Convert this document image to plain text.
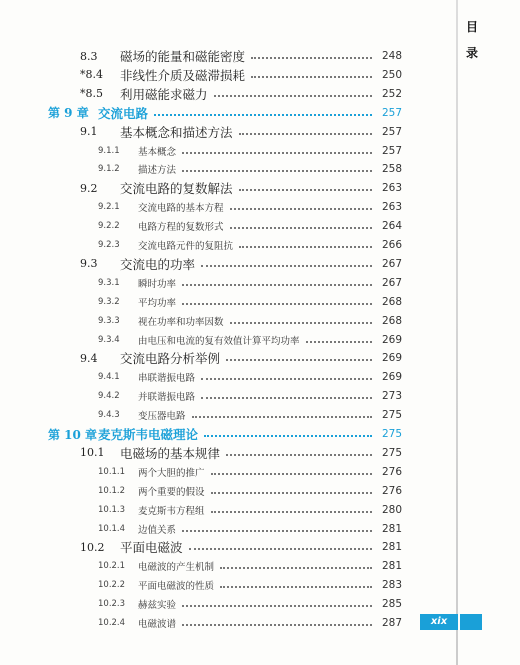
目
录
8.3	磁场的能量和磁能密度	248
*8.4	非线性介质及磁滞损耗	250
*8.5	利用磁能求磁力	252
第 9 章 交流电路	257
9.1	基本概念和描述方法	257
9.1.1	基本概念	257
9.1.2	描述方法	258
9.2	交流电路的复数解法	263
9.2.1	交流电路的基本方程	263
9.2.2	电路方程的复数形式	264
9.2.3	交流电路元件的复阻抗	266
9.3	交流电的功率	267
9.3.1	瞬时功率	267
9.3.2	平均功率	268
9.3.3	视在功率和功率因数	268
9.3.4	由电压和电流的复有效值计算平均功率	269
9.4	交流电路分析举例	269
9.4.1	串联谐振电路	269
9.4.2	并联谐振电路	273
9.4.3	变压器电路	275
第 10 章 麦克斯韦电磁理论	275
10.1	电磁场的基本规律	275
10.1.1	两个大胆的推广	276
10.1.2	两个重要的假设	276
10.1.3	麦克斯韦方程组	280
10.1.4	边值关系	281
10.2	平面电磁波	281
10.2.1	电磁波的产生机制	281
10.2.2	平面电磁波的性质	283
10.2.3	赫兹实验	285
10.2.4	电磁波谱	287	xix
